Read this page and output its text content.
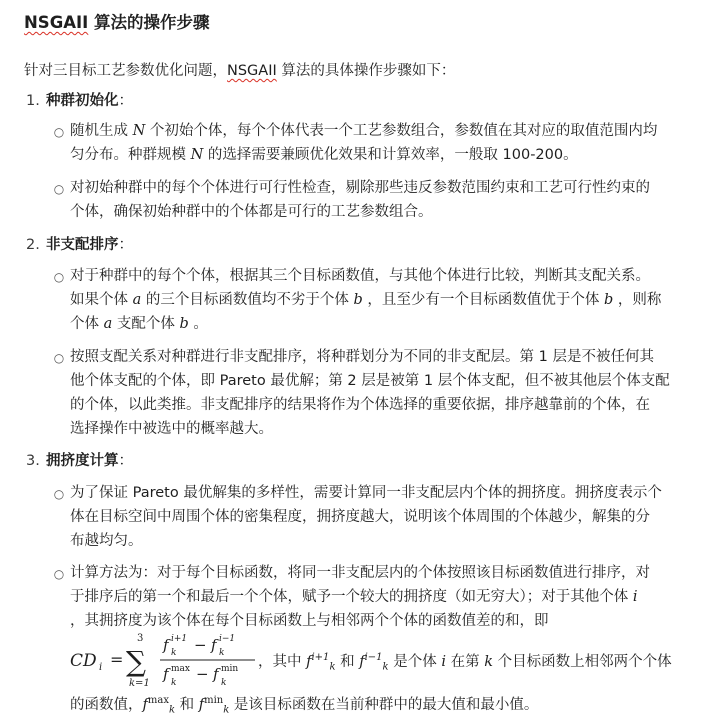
NSGAII 算法的操作步骤
针对三目标工艺参数优化问题，NSGAII 算法的具体操作步骤如下：
1. 种群初始化 ：
○ 随机生成 N 个初始个体，每个个体代表一个工艺参数组合，参数值在其对应的取值范围内均
匀分布。种群规模 N 的选择需要兼顾优化效果和计算效率，一般取 100-200。
○ 对初始种群中的每个个体进行可行性检查，剔除那些违反参数范围约束和工艺可行性约束的
个体，确保初始种群中的个体都是可行的工艺参数组合。
2. 非支配排序 ：
○ 对于种群中的每个个体，根据其三个目标函数值，与其他个体进行比较，判断其支配关系。
如果个体 a 的三个目标函数值均不劣于个体 b ，且至少有一个目标函数值优于个体 b ，则称
个体 a 支配个体 b 。
○ 按照支配关系对种群进行非支配排序，将种群划分为不同的非支配层。第 1 层是不被任何其
他个体支配的个体，即 Pareto 最优解；第 2 层是被第 1 层个体支配，但不被其他层个体支配
的个体，以此类推。非支配排序的结果将作为个体选择的重要依据，排序越靠前的个体，在
选择操作中被选中的概率越大。
3. 拥挤度计算 ：
○ 为了保证 Pareto 最优解集的多样性，需要计算同一非支配层内个体的拥挤度。拥挤度表示个
体在目标空间中周围个体的密集程度，拥挤度越大，说明该个体周围的个体越少，解集的分
布越均匀。
○ 计算方法为：对于每个目标函数，将同一非支配层内的个体按照该目标函数值进行排序，对
于排序后的第一个和最后一个个体，赋予一个较大的拥挤度（如无穷大）；对于其他个体 i
，其拥挤度为该个体在每个目标函数上与相邻两个个体的函数值差的和，即
CD i = ∑
3
k=1
f i+1
k − f i−1
k
f max
k − f min
k
，其中 $f^{i+1}_k$ 和 $f^{i-1}_k$ 是个体 i 在第 k 个目标函数上相邻两个个体
的函数值，$f^{max}_k$ 和 $f^{min}_k$ 是该目标函数在当前种群中的最大值和最小值。
